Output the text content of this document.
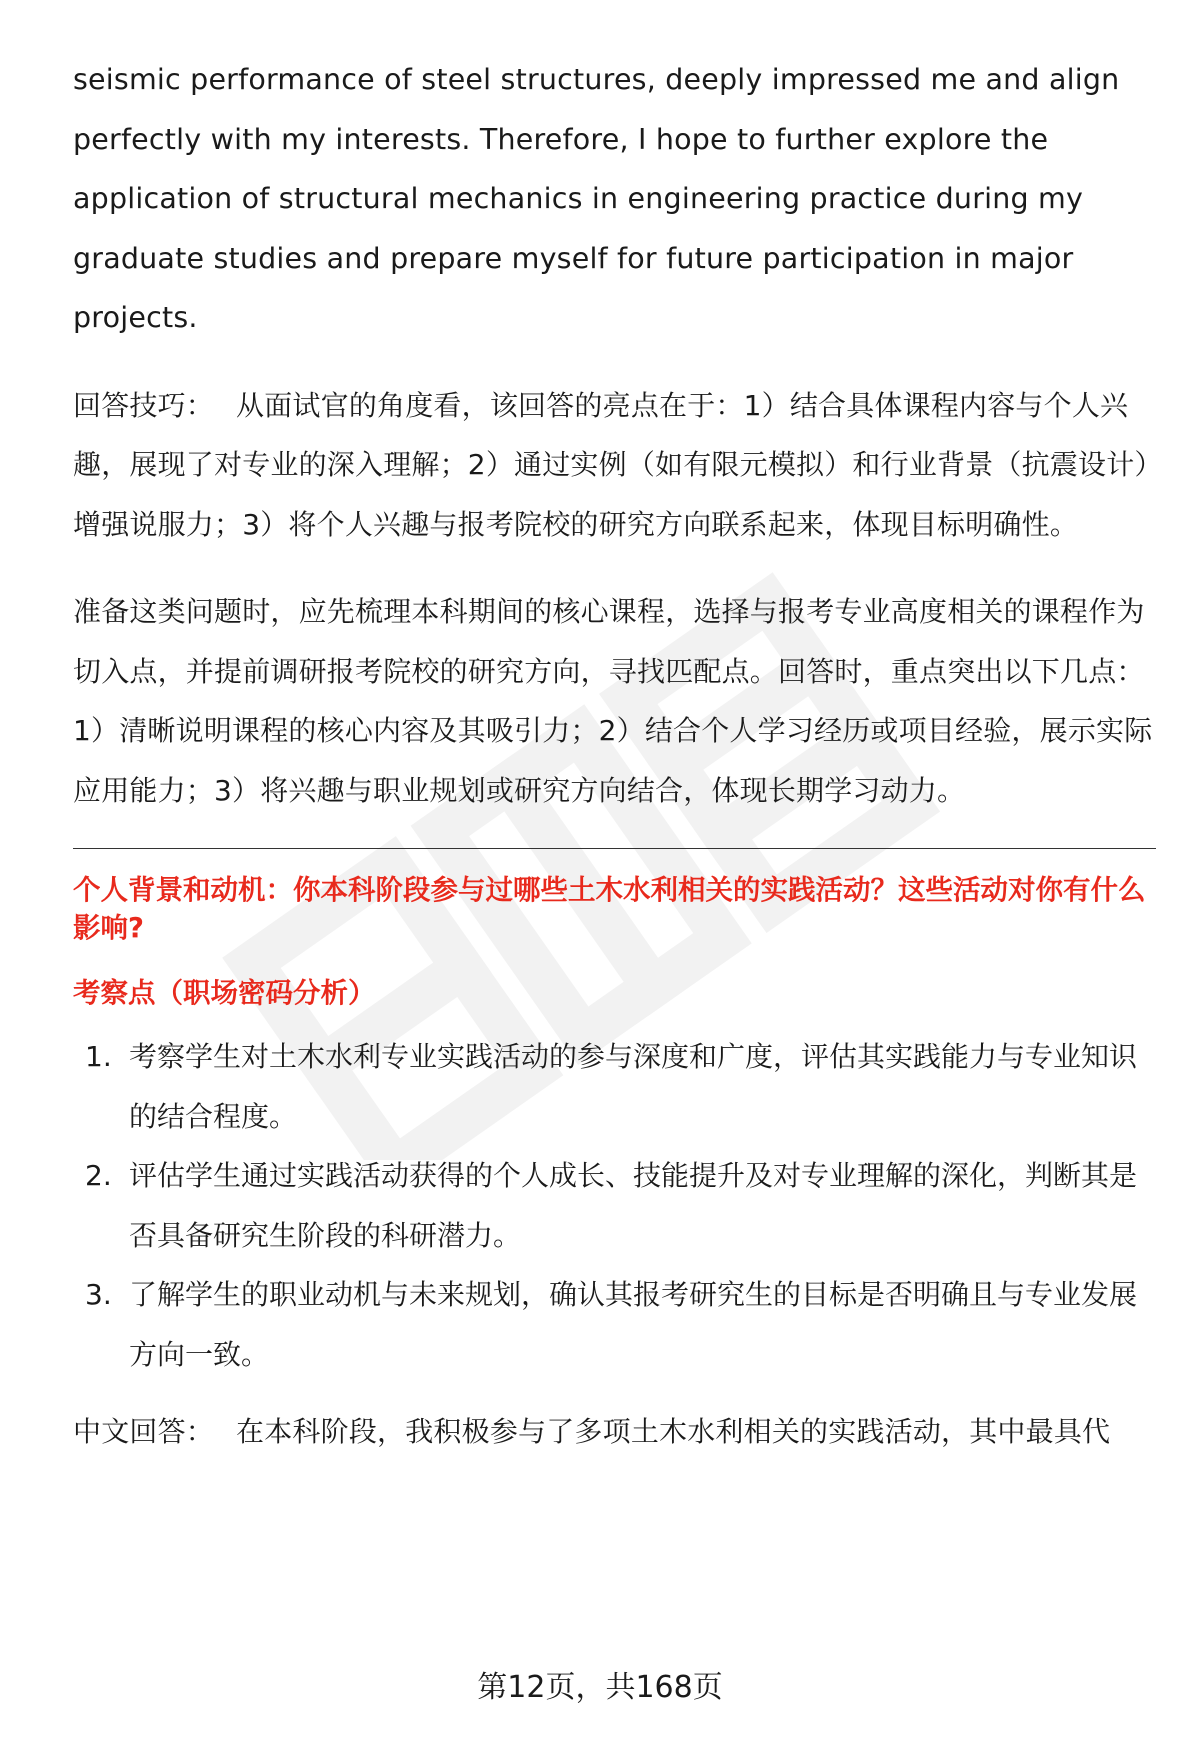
seismic performance of steel structures, deeply impressed me and align perfectly with my interests. Therefore, I hope to further explore the application of structural mechanics in engineering practice during my graduate studies and prepare myself for future participation in major projects.

回答技巧： 从面试官的角度看，该回答的亮点在于：1）结合具体课程内容与个人兴趣，展现了对专业的深入理解；2）通过实例（如有限元模拟）和行业背景（抗震设计）增强说服力；3）将个人兴趣与报考院校的研究方向联系起来，体现目标明确性。

准备这类问题时，应先梳理本科期间的核心课程，选择与报考专业高度相关的课程作为切入点，并提前调研报考院校的研究方向，寻找匹配点。回答时，重点突出以下几点：1）清晰说明课程的核心内容及其吸引力；2）结合个人学习经历或项目经验，展示实际应用能力；3）将兴趣与职业规划或研究方向结合，体现长期学习动力。

个人背景和动机：你本科阶段参与过哪些土木水利相关的实践活动？这些活动对你有什么影响?

考察点（职场密码分析）

1. 考察学生对土木水利专业实践活动的参与深度和广度，评估其实践能力与专业知识的结合程度。
2. 评估学生通过实践活动获得的个人成长、技能提升及对专业理解的深化，判断其是否具备研究生阶段的科研潜力。
3. 了解学生的职业动机与未来规划，确认其报考研究生的目标是否明确且与专业发展方向一致。

中文回答： 在本科阶段，我积极参与了多项土木水利相关的实践活动，其中最具代

第12页，共168页
